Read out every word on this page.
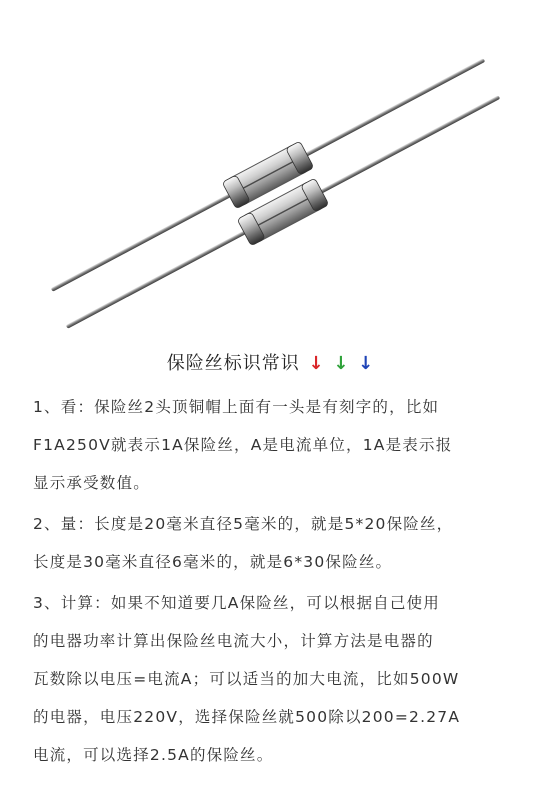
保险丝标识常识 ↓ ↓ ↓

1、看：保险丝2头顶铜帽上面有一头是有刻字的，比如

F1A250V就表示1A保险丝，A是电流单位，1A是表示报

显示承受数值。

2、量：长度是20毫米直径5毫米的，就是5*20保险丝，

长度是30毫米直径6毫米的，就是6*30保险丝。

3、计算：如果不知道要几A保险丝，可以根据自己使用

的电器功率计算出保险丝电流大小，计算方法是电器的

瓦数除以电压=电流A；可以适当的加大电流，比如500W

的电器，电压220V，选择保险丝就500除以200=2.27A

电流，可以选择2.5A的保险丝。
